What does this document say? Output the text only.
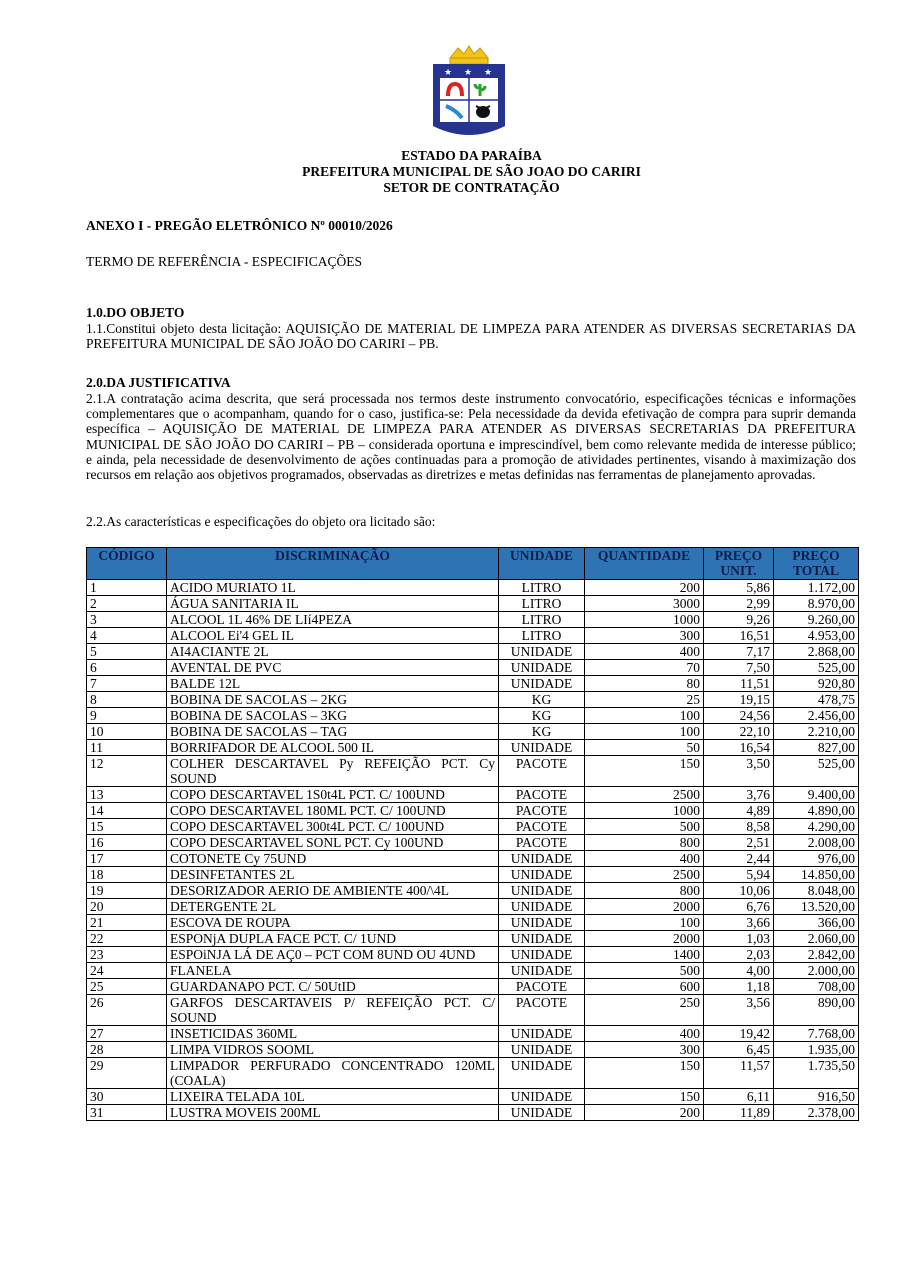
★ ★ ★
ESTADO DA PARAÍBA
PREFEITURA MUNICIPAL DE SÃO JOAO DO CARIRI
SETOR DE CONTRATAÇÃO
ANEXO I - PREGÃO ELETRÔNICO Nº 00010/2026
TERMO DE REFERÊNCIA - ESPECIFICAÇÕES
1.0.DO OBJETO
1.1.Constitui objeto desta licitação: AQUISIÇÃO DE MATERIAL DE LIMPEZA PARA ATENDER AS DIVERSAS SECRETARIAS DA PREFEITURA MUNICIPAL DE SÃO JOÃO DO CARIRI – PB.
2.0.DA JUSTIFICATIVA
2.1.A contratação acima descrita, que será processada nos termos deste instrumento convocatório, especificações técnicas e informações complementares que o acompanham, quando for o caso, justifica-se: Pela necessidade da devida efetivação de compra para suprir demanda específica – AQUISIÇÃO DE MATERIAL DE LIMPEZA PARA ATENDER AS DIVERSAS SECRETARIAS DA PREFEITURA MUNICIPAL DE SÃO JOÃO DO CARIRI – PB – considerada oportuna e imprescindível, bem como relevante medida de interesse público; e ainda, pela necessidade de desenvolvimento de ações continuadas para a promoção de atividades pertinentes, visando à maximização dos recursos em relação aos objetivos programados, observadas as diretrizes e metas definidas nas ferramentas de planejamento aprovadas.
2.2.As características e especificações do objeto ora licitado são:
CÓDIGO	DISCRIMINAÇÃO	UNIDADE	QUANTIDADE	PREÇO UNIT.	PREÇO TOTAL
1	ACIDO MURIATO 1L	LITRO	200	5,86	1.172,00
2	ÁGUA SANITARIA IL	LITRO	3000	2,99	8.970,00
3	ALCOOL 1L 46% DE LIí4PEZA	LITRO	1000	9,26	9.260,00
4	ALCOOL Ei'4 GEL IL	LITRO	300	16,51	4.953,00
5	AI4ACIANTE 2L	UNIDADE	400	7,17	2.868,00
6	AVENTAL DE PVC	UNIDADE	70	7,50	525,00
7	BALDE 12L	UNIDADE	80	11,51	920,80
8	BOBINA DE SACOLAS – 2KG	KG	25	19,15	478,75
9	BOBINA DE SACOLAS – 3KG	KG	100	24,56	2.456,00
10	BOBINA DE SACOLAS – TAG	KG	100	22,10	2.210,00
11	BORRIFADOR DE ALCOOL 500 IL	UNIDADE	50	16,54	827,00
12	COLHER DESCARTAVEL Py REFEIÇÃO PCT. Cy SOUND	PACOTE	150	3,50	525,00
13	COPO DESCARTAVEL 1S0t4L PCT. C/ 100UND	PACOTE	2500	3,76	9.400,00
14	COPO DESCARTAVEL 180ML PCT. C/ 100UND	PACOTE	1000	4,89	4.890,00
15	COPO DESCARTAVEL 300t4L PCT. C/ 100UND	PACOTE	500	8,58	4.290,00
16	COPO DESCARTAVEL SONL PCT. Cy 100UND	PACOTE	800	2,51	2.008,00
17	COTONETE Cy 75UND	UNIDADE	400	2,44	976,00
18	DESINFETANTES 2L	UNIDADE	2500	5,94	14.850,00
19	DESORIZADOR AERIO DE AMBIENTE 400/\4L	UNIDADE	800	10,06	8.048,00
20	DETERGENTE 2L	UNIDADE	2000	6,76	13.520,00
21	ESCOVA DE ROUPA	UNIDADE	100	3,66	366,00
22	ESPONjA DUPLA FACE PCT. C/ 1UND	UNIDADE	2000	1,03	2.060,00
23	ESPOiNJA LÁ DE AÇ0 – PCT COM 8UND OU 4UND	UNIDADE	1400	2,03	2.842,00
24	FLANELA	UNIDADE	500	4,00	2.000,00
25	GUARDANAPO PCT. C/ 50UtID	PACOTE	600	1,18	708,00
26	GARFOS DESCARTAVEIS P/ REFEIÇÃO PCT. C/ SOUND	PACOTE	250	3,56	890,00
27	INSETICIDAS 360ML	UNIDADE	400	19,42	7.768,00
28	LIMPA VIDROS SOOML	UNIDADE	300	6,45	1.935,00
29	LIMPADOR PERFURADO CONCENTRADO 120ML (COALA)	UNIDADE	150	11,57	1.735,50
30	LIXEIRA TELADA 10L	UNIDADE	150	6,11	916,50
31	LUSTRA MOVEIS 200ML	UNIDADE	200	11,89	2.378,00
